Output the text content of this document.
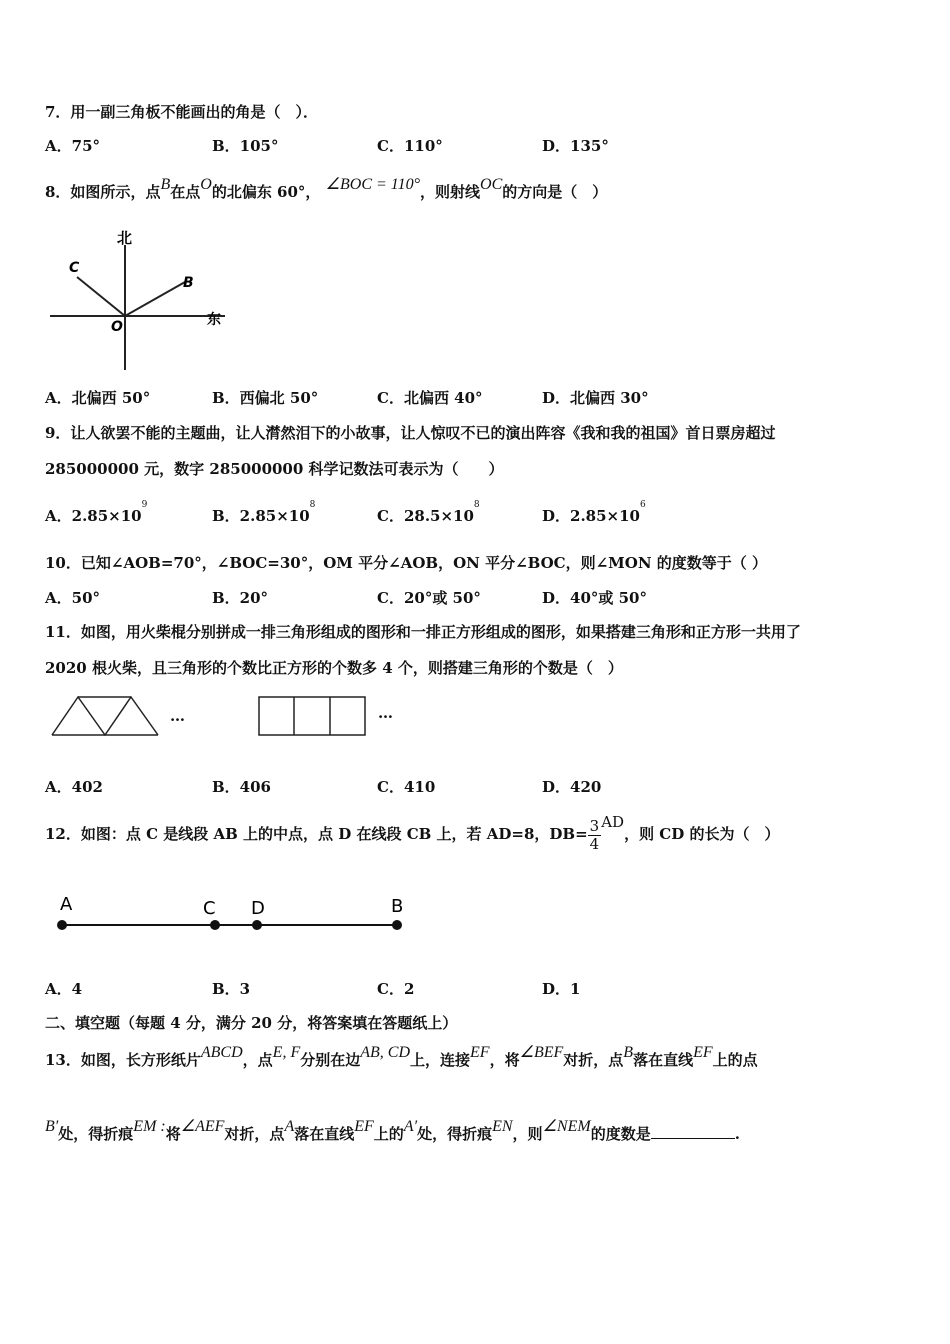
7．用一副三角板不能画出的角是（　）．
A．75°	B．105°	C．110°	D．135°
8．如图所示，点B在点O的北偏东 60°， ∠BOC = 110°，则射线OC的方向是（　）
北
东
C
B
O
A．北偏西 50°	B．西偏北 50°	C．北偏西 40°	D．北偏西 30°
9．让人欲罢不能的主题曲，让人潸然泪下的小故事，让人惊叹不已的演出阵容《我和我的祖国》首日票房超过
285000000 元，数字 285000000 科学记数法可表示为（　　）
A．$2.85\times 10^9$
B．$2.85\times 10^8$
C．$28.5\times 10^8$
D．$2.85\times 10^6$
10．已知∠AOB=70°，∠BOC=30°，OM 平分∠AOB，ON 平分∠BOC，则∠MON 的度数等于（ ）
A．50°	B．20°	C．20°或 50°	D．40°或 50°
11．如图，用火柴棍分别拼成一排三角形组成的图形和一排正方形组成的图形，如果搭建三角形和正方形一共用了
2020 根火柴，且三角形的个数比正方形的个数多 4 个，则搭建三角形的个数是（　）
…	…
A．402	B．406	C．410	D．420
12．如图：点 C 是线段 AB 上的中点，点 D 在线段 CB 上，若 AD=8，$DB= \frac{3}{4}$ AD，则 CD 的长为（　）
A	C D	B
A．4	B．3	C．2	D．1
二、填空题（每题 4 分，满分 20 分，将答案填在答题纸上）
13．如图，长方形纸片ABCD，点E, F分别在边AB, CD上，连接EF，将∠BEF对折，点B落在直线EF上的点
B′处，得折痕EM :将∠AEF对折，点A落在直线EF上的A′处，得折痕EN，则∠NEM的度数是	.
